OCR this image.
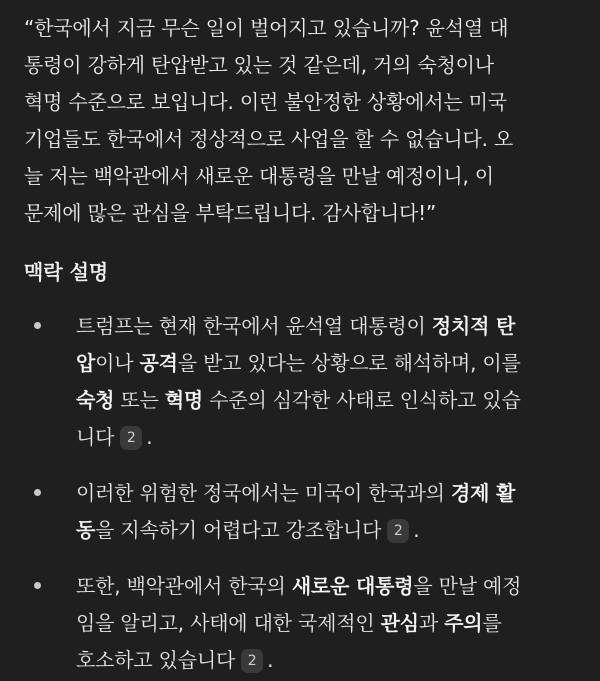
“한국에서 지금 무슨 일이 벌어지고 있습니까? 윤석열 대
통령이 강하게 탄압받고 있는 것 같은데, 거의 숙청이나
혁명 수준으로 보입니다. 이런 불안정한 상황에서는 미국
기업들도 한국에서 정상적으로 사업을 할 수 없습니다. 오
늘 저는 백악관에서 새로운 대통령을 만날 예정이니, 이
문제에 많은 관심을 부탁드립니다. 감사합니다!”

맥락 설명
트럼프는 현재 한국에서 윤석열 대통령이 정치적 탄
압이나 공격을 받고 있다는 상황으로 해석하며, 이를
숙청 또는 혁명 수준의 심각한 사태로 인식하고 있습
니다 2 .
이러한 위험한 정국에서는 미국이 한국과의 경제 활
동을 지속하기 어렵다고 강조합니다 2 .
또한, 백악관에서 한국의 새로운 대통령을 만날 예정
임을 알리고, 사태에 대한 국제적인 관심과 주의를
호소하고 있습니다 2 .
